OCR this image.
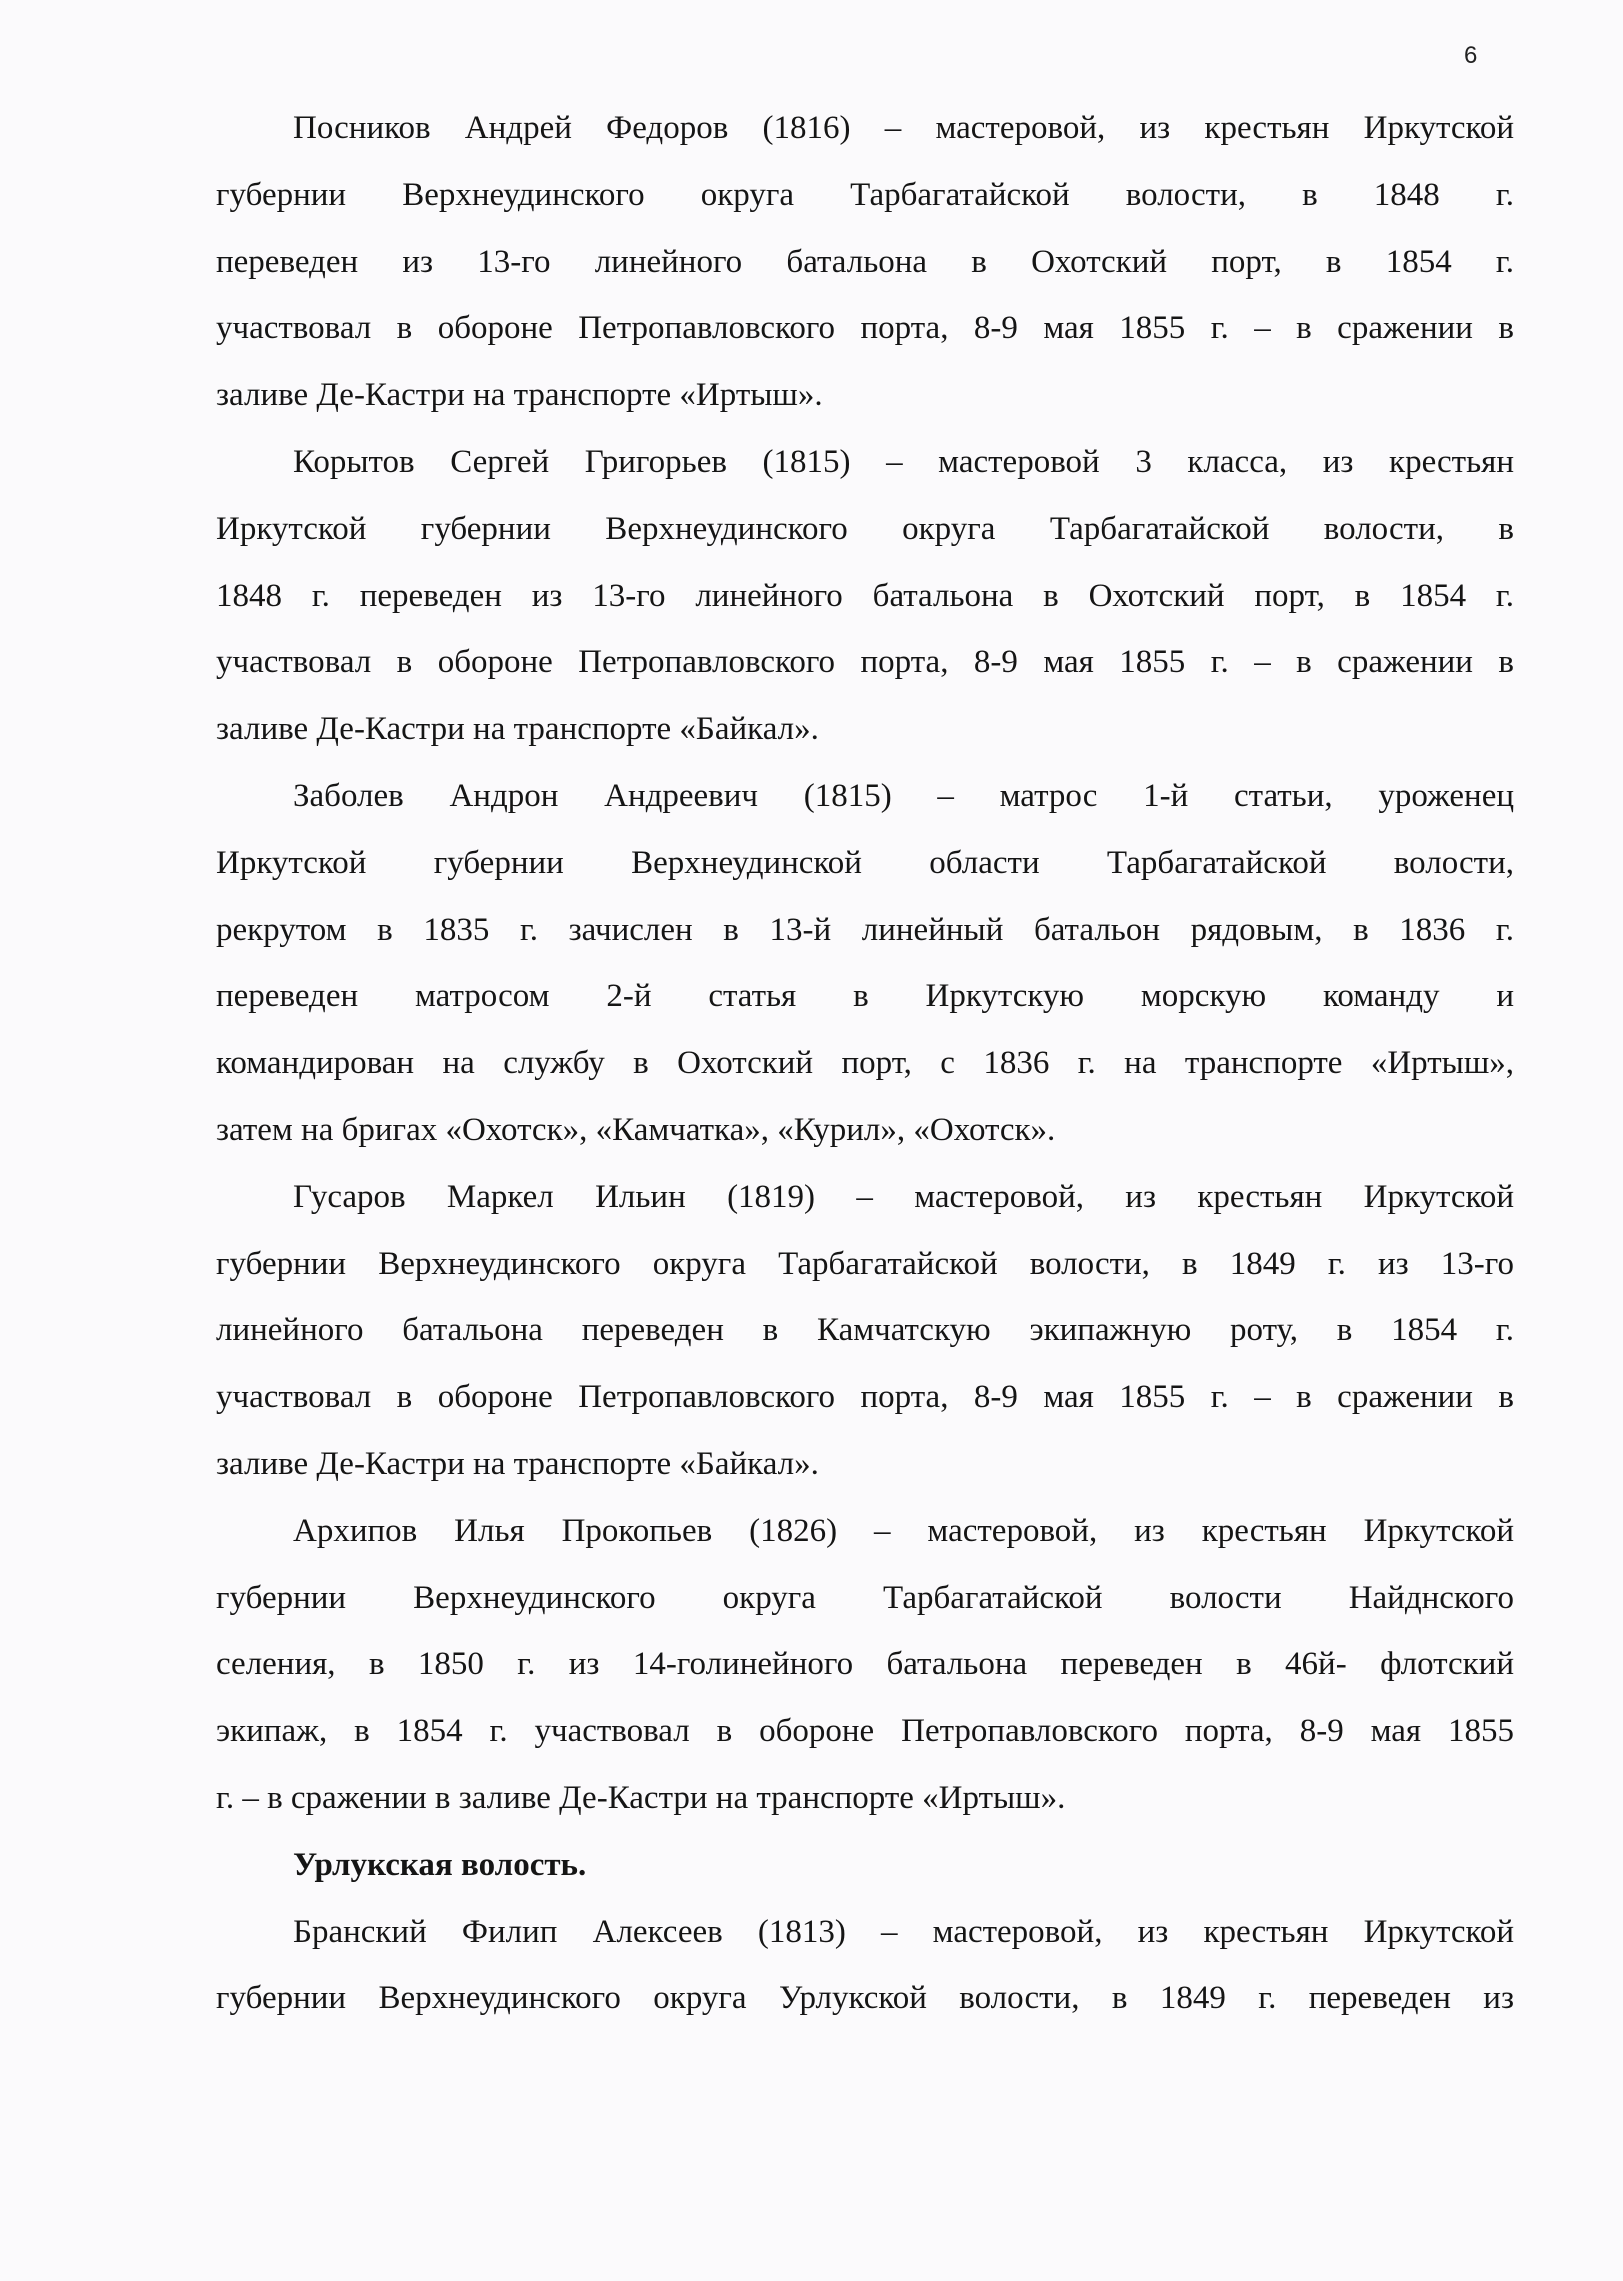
6
Посников Андрей Федоров (1816) – мастеровой, из крестьян Иркутской
губернии Верхнеудинского округа Тарбагатайской волости, в 1848 г.
переведен из 13-го линейного батальона в Охотский порт, в 1854 г.
участвовал в обороне Петропавловского порта, 8-9 мая 1855 г. – в сражении в
заливе Де-Кастри на транспорте «Иртыш».
Корытов Сергей Григорьев (1815) – мастеровой 3 класса, из крестьян
Иркутской губернии Верхнеудинского округа Тарбагатайской волости, в
1848 г. переведен из 13-го линейного батальона в Охотский порт, в 1854 г.
участвовал в обороне Петропавловского порта, 8-9 мая 1855 г. – в сражении в
заливе Де-Кастри на транспорте «Байкал».
Заболев Андрон Андреевич (1815) – матрос 1-й статьи, уроженец
Иркутской губернии Верхнеудинской области Тарбагатайской волости,
рекрутом в 1835 г. зачислен в 13-й линейный батальон рядовым, в 1836 г.
переведен матросом 2-й статья в Иркутскую морскую команду и
командирован на службу в Охотский порт, с 1836 г. на транспорте «Иртыш»,
затем на бригах «Охотск», «Камчатка», «Курил», «Охотск».
Гусаров Маркел Ильин (1819) – мастеровой, из крестьян Иркутской
губернии Верхнеудинского округа Тарбагатайской волости, в 1849 г. из 13-го
линейного батальона переведен в Камчатскую экипажную роту, в 1854 г.
участвовал в обороне Петропавловского порта, 8-9 мая 1855 г. – в сражении в
заливе Де-Кастри на транспорте «Байкал».
Архипов Илья Прокопьев (1826) – мастеровой, из крестьян Иркутской
губернии Верхнеудинского округа Тарбагатайской волости Найднского
селения, в 1850 г. из 14-голинейного батальона переведен в 46й- флотский
экипаж, в 1854 г. участвовал в обороне Петропавловского порта, 8-9 мая 1855
г. – в сражении в заливе Де-Кастри на транспорте «Иртыш».
Урлукская волость.
Бранский Филип Алексеев (1813) – мастеровой, из крестьян Иркутской
губернии Верхнеудинского округа Урлукской волости, в 1849 г. переведен из
